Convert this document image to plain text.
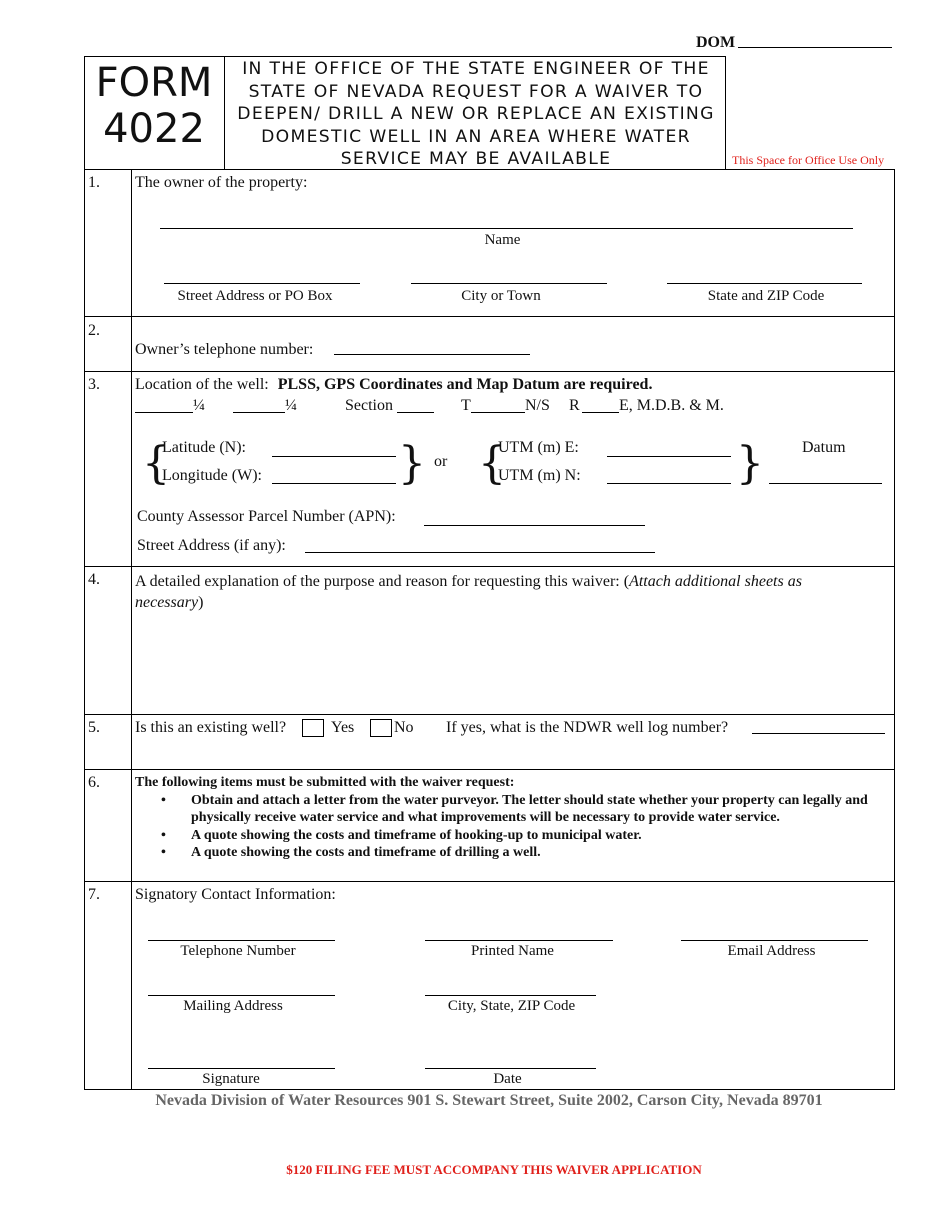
DOM
FORM
4022
IN THE OFFICE OF THE STATE ENGINEER OF THE
STATE OF NEVADA REQUEST FOR A WAIVER TO
DEEPEN/ DRILL A NEW OR REPLACE AN EXISTING
DOMESTIC WELL IN AN AREA WHERE WATER
SERVICE MAY BE AVAILABLE	This Space for Office Use Only
1. The owner of the property:
Name
Street Address or PO Box	City or Town	State and ZIP Code
2.
Owner’s telephone number:
3. Location of the well: PLSS, GPS Coordinates and Map Datum are required.
¼	¼	Section	T	N/S R E, M.D.B. & M.
{
Latitude (N):
Longitude (W):	} or {
UTM (m) E:
UTM (m) N:	} Datum
County Assessor Parcel Number (APN):
Street Address (if any):
4. A detailed explanation of the purpose and reason for requesting this waiver: (Attach additional sheets as
necessary)
5. Is this an existing well?	Yes No If yes, what is the NDWR well log number?
6.	The following items must be submitted with the waiver request:
• Obtain and attach a letter from the water purveyor. The letter should state whether your property can legally and physically receive water service and what improvements will be necessary to provide water service.
• A quote showing the costs and timeframe of hooking-up to municipal water.
• A quote showing the costs and timeframe of drilling a well.
7. Signatory Contact Information:
Telephone Number	Printed Name	Email Address
Mailing Address	City, State, ZIP Code
Signature	Date
Nevada Division of Water Resources 901 S. Stewart Street, Suite 2002, Carson City, Nevada 89701
$120 FILING FEE MUST ACCOMPANY THIS WAIVER APPLICATION
